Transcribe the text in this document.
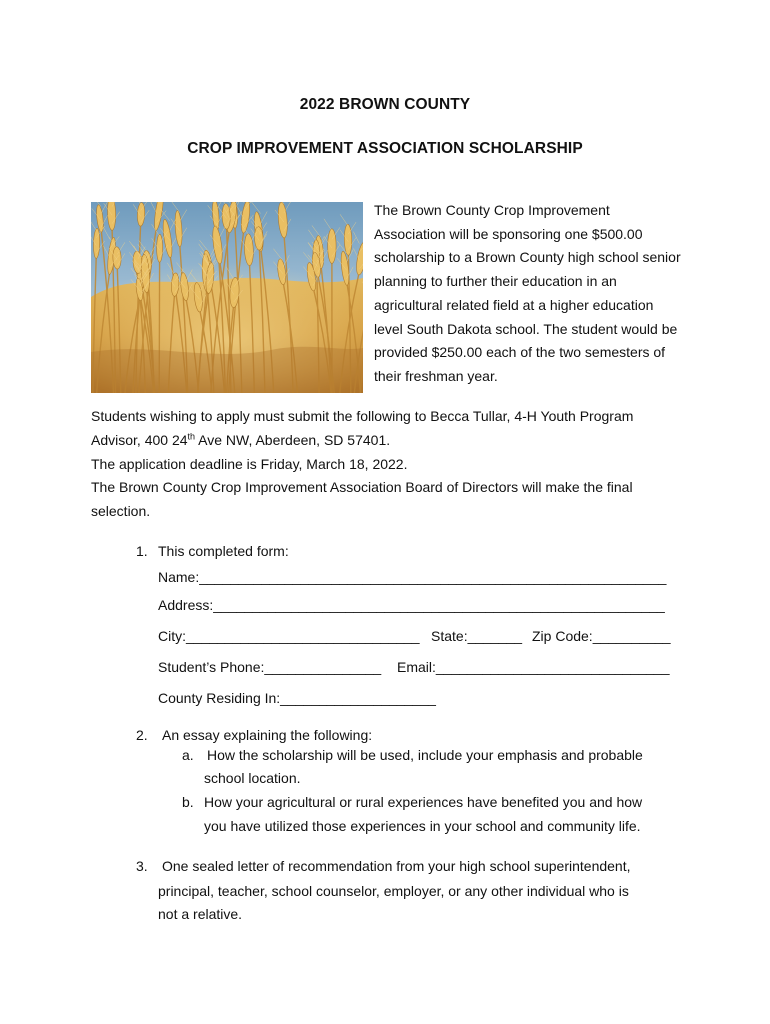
2022 BROWN COUNTY
CROP IMPROVEMENT ASSOCIATION SCHOLARSHIP
The Brown County Crop Improvement Association will be sponsoring one $500.00 scholarship to a Brown County high school senior planning to further their education in an agricultural related field at a higher education level South Dakota school. The student would be provided $250.00 each of the two semesters of their freshman year.
Students wishing to apply must submit the following to Becca Tullar, 4-H Youth Program
Advisor, 400 24th Ave NW, Aberdeen, SD 57401.
The application deadline is Friday, March 18, 2022.
The Brown County Crop Improvement Association Board of Directors will make the final selection.
1. This completed form:
Name:____________________________________________________________
Address:__________________________________________________________
City:______________________________ State:_______ Zip Code:__________
Student’s Phone:_______________ Email:______________________________
County Residing In:____________________
2. An essay explaining the following:
a. How the scholarship will be used, include your emphasis and probable
school location.
b. How your agricultural or rural experiences have benefited you and how
you have utilized those experiences in your school and community life.
3. One sealed letter of recommendation from your high school superintendent,
principal, teacher, school counselor, employer, or any other individual who is
not a relative.
